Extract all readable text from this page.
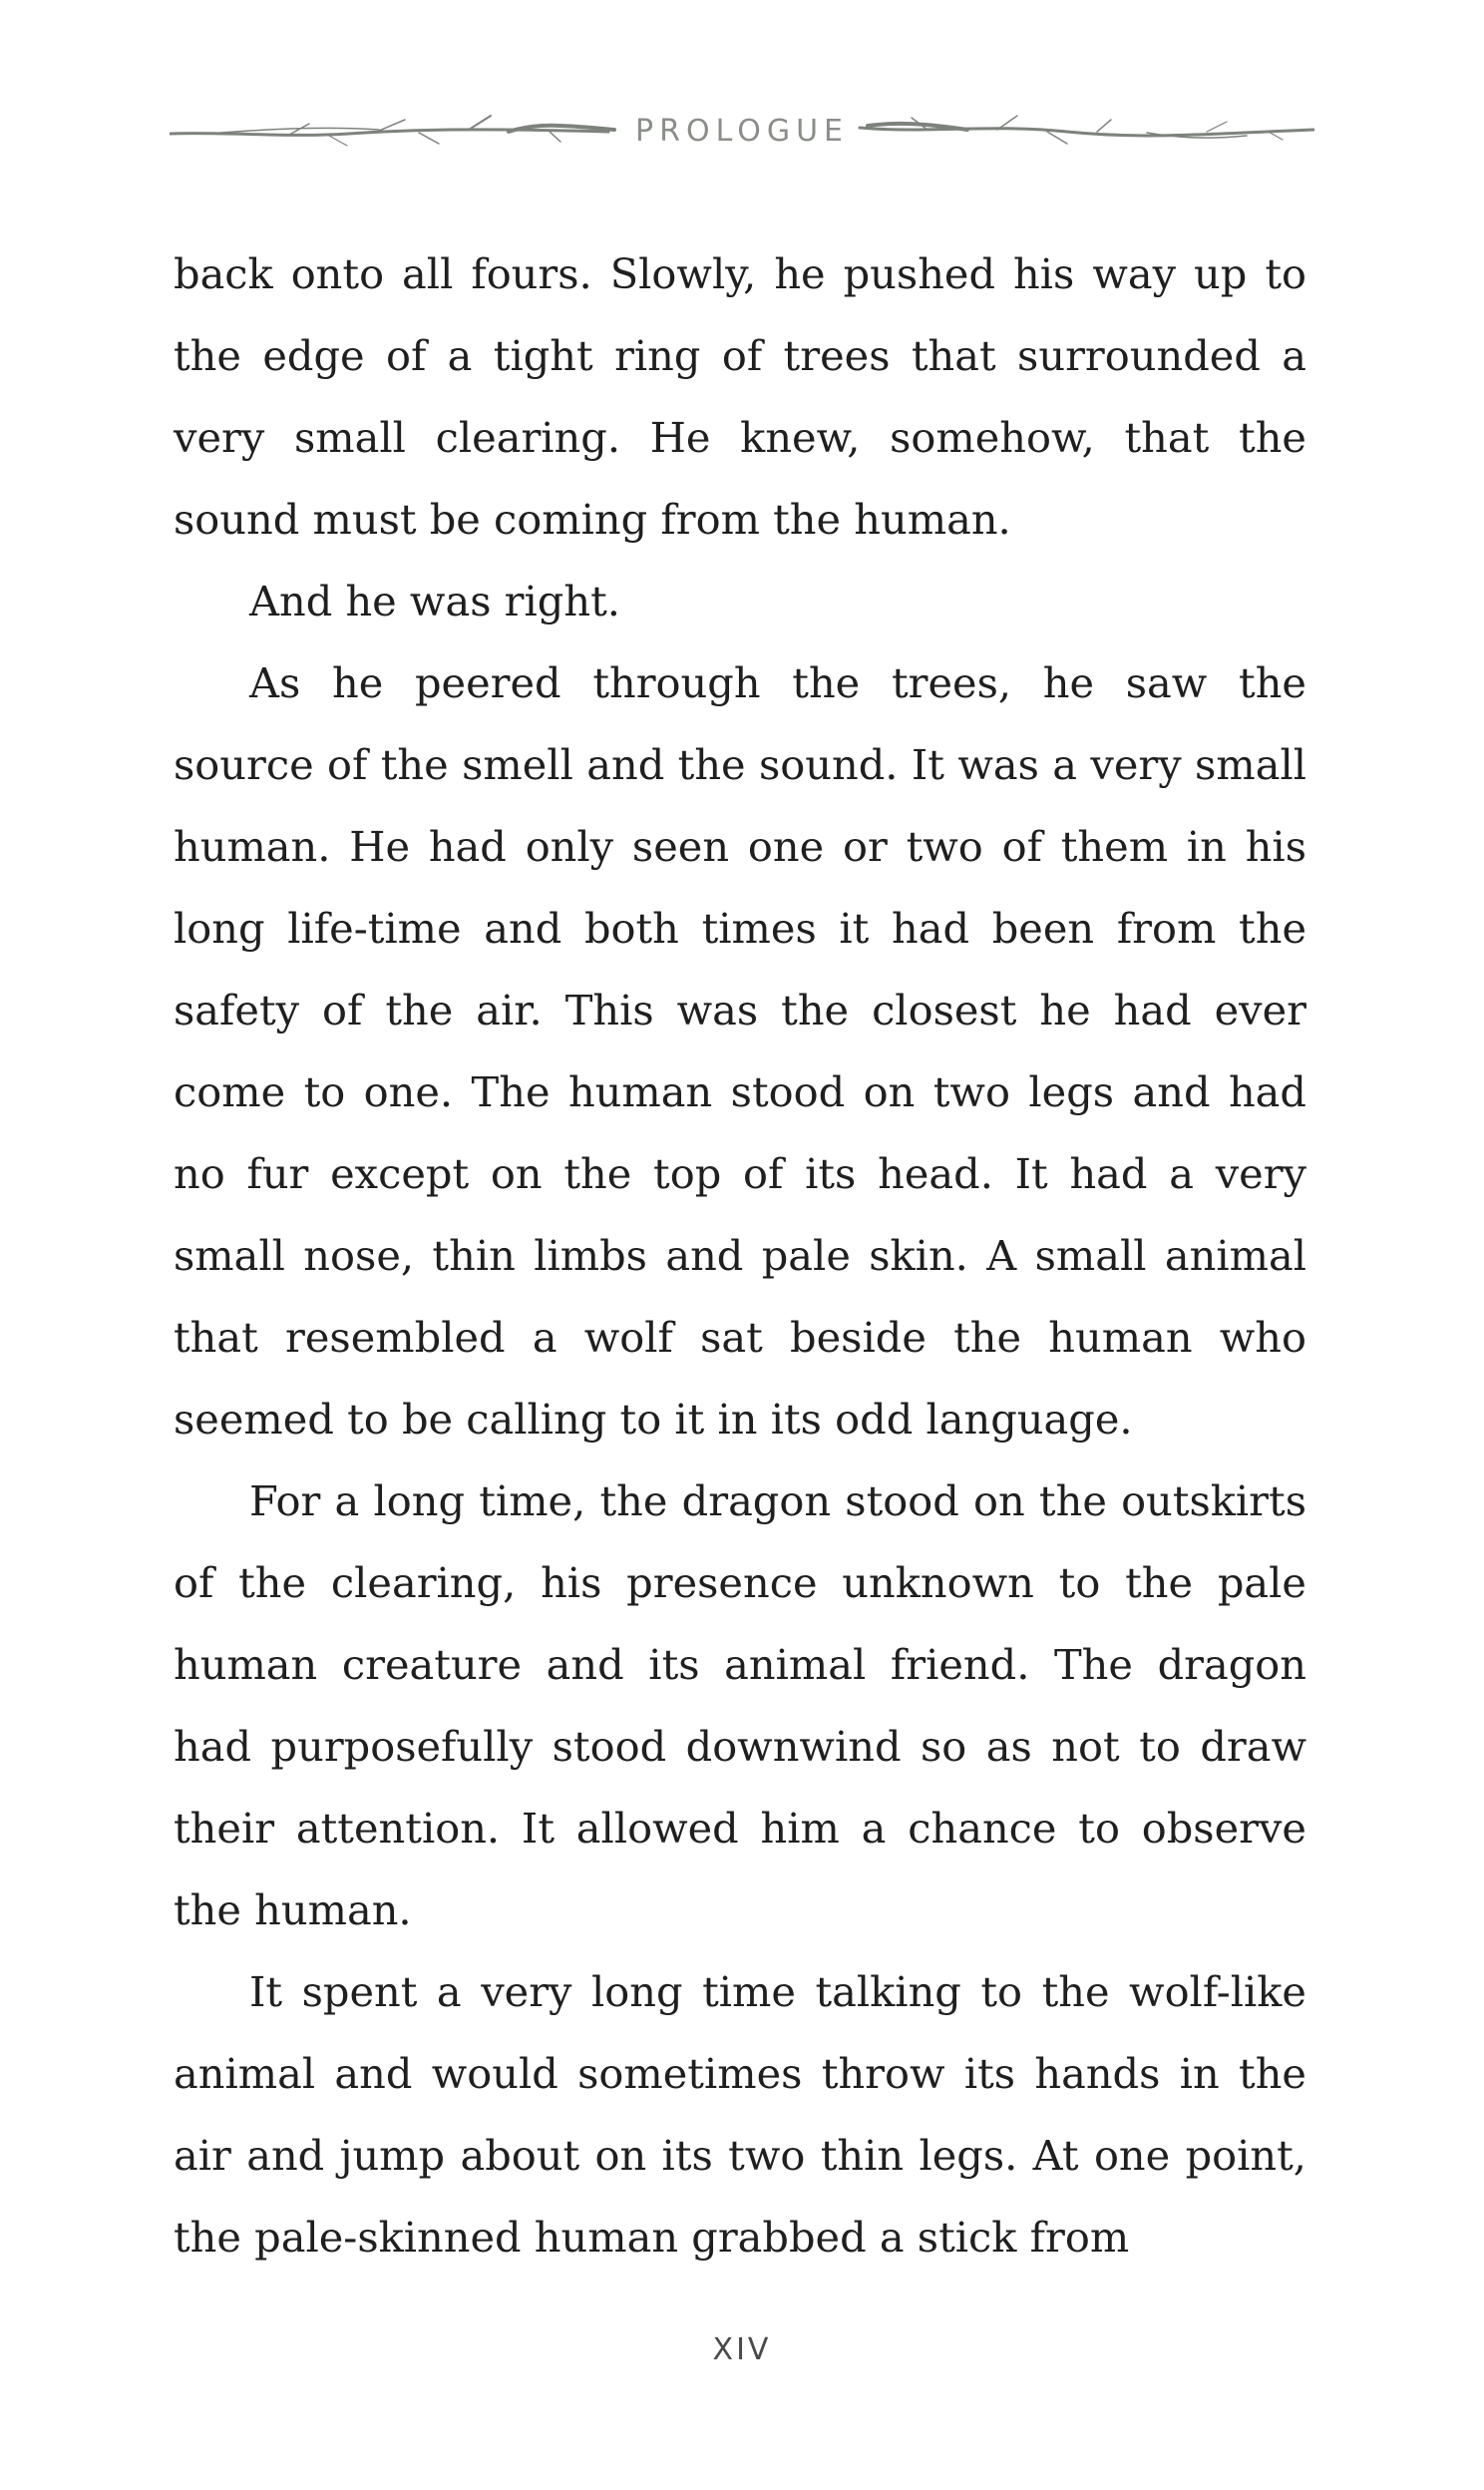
PROLOGUE

back onto all fours. Slowly, he pushed his way up to the edge of a tight ring of trees that surrounded a very small clearing. He knew, somehow, that the sound must be coming from the human.

And he was right.

As he peered through the trees, he saw the source of the smell and the sound. It was a very small human. He had only seen one or two of them in his long life-time and both times it had been from the safety of the air. This was the closest he had ever come to one. The human stood on two legs and had no fur except on the top of its head. It had a very small nose, thin limbs and pale skin. A small animal that resembled a wolf sat beside the human who seemed to be calling to it in its odd language.

For a long time, the dragon stood on the outskirts of the clearing, his presence unknown to the pale human creature and its animal friend. The dragon had purposefully stood downwind so as not to draw their attention. It allowed him a chance to observe the human.

It spent a very long time talking to the wolf-like animal and would sometimes throw its hands in the air and jump about on its two thin legs. At one point, the pale-skinned human grabbed a stick from

XIV
